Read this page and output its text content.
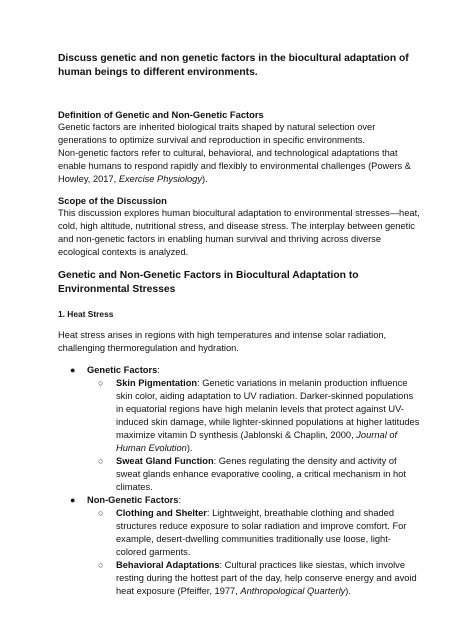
Discuss genetic and non genetic factors in the biocultural adaptation of human beings to different environments.

Definition of Genetic and Non-Genetic Factors

Genetic factors are inherited biological traits shaped by natural selection over generations to optimize survival and reproduction in specific environments.

Non-genetic factors refer to cultural, behavioral, and technological adaptations that enable humans to respond rapidly and flexibly to environmental challenges (Powers & Howley, 2017, Exercise Physiology).

Scope of the Discussion

This discussion explores human biocultural adaptation to environmental stresses—heat, cold, high altitude, nutritional stress, and disease stress. The interplay between genetic and non-genetic factors in enabling human survival and thriving across diverse ecological contexts is analyzed.

Genetic and Non-Genetic Factors in Biocultural Adaptation to Environmental Stresses

1. Heat Stress

Heat stress arises in regions with high temperatures and intense solar radiation, challenging thermoregulation and hydration.

● Genetic Factors:
○ Skin Pigmentation: Genetic variations in melanin production influence skin color, aiding adaptation to UV radiation. Darker-skinned populations in equatorial regions have high melanin levels that protect against UV-induced skin damage, while lighter-skinned populations at higher latitudes maximize vitamin D synthesis (Jablonski & Chaplin, 2000, Journal of Human Evolution).
○ Sweat Gland Function: Genes regulating the density and activity of sweat glands enhance evaporative cooling, a critical mechanism in hot climates.
● Non-Genetic Factors:
○ Clothing and Shelter: Lightweight, breathable clothing and shaded structures reduce exposure to solar radiation and improve comfort. For example, desert-dwelling communities traditionally use loose, light-colored garments.
○ Behavioral Adaptations: Cultural practices like siestas, which involve resting during the hottest part of the day, help conserve energy and avoid heat exposure (Pfeiffer, 1977, Anthropological Quarterly).
